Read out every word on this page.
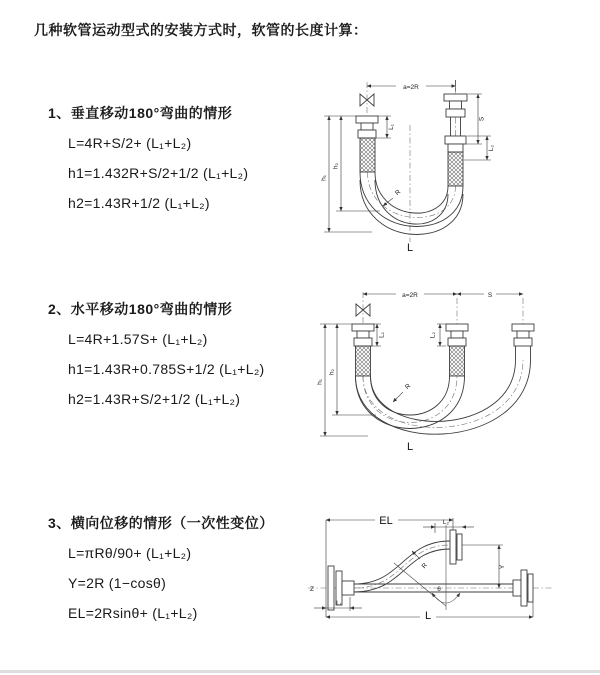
几种软管运动型式的安装方式时，软管的长度计算：
1、垂直移动180°弯曲的情形
L=4R+S/2+ (L₁+L₂)
h1=1.432R+S/2+1/2 (L₁+L₂)
h2=1.43R+1/2 (L₁+L₂)
2、水平移动180°弯曲的情形
L=4R+1.57S+ (L₁+L₂)
h1=1.43R+0.785S+1/2 (L₁+L₂)
h2=1.43R+S/2+1/2 (L₁+L₂)
3、横向位移的情形（一次性变位）
L=πRθ/90+ (L₁+L₂)
Y=2R (1−cosθ)
EL=2Rsinθ+ (L₁+L₂)
a=2R
L₁
S
L₂
h₁
h₂
R
L
a=2R	S
L₁	L₂
h₁
h₂
R
L
Z
EL	L₂
Y
θ
R
L₁
L
